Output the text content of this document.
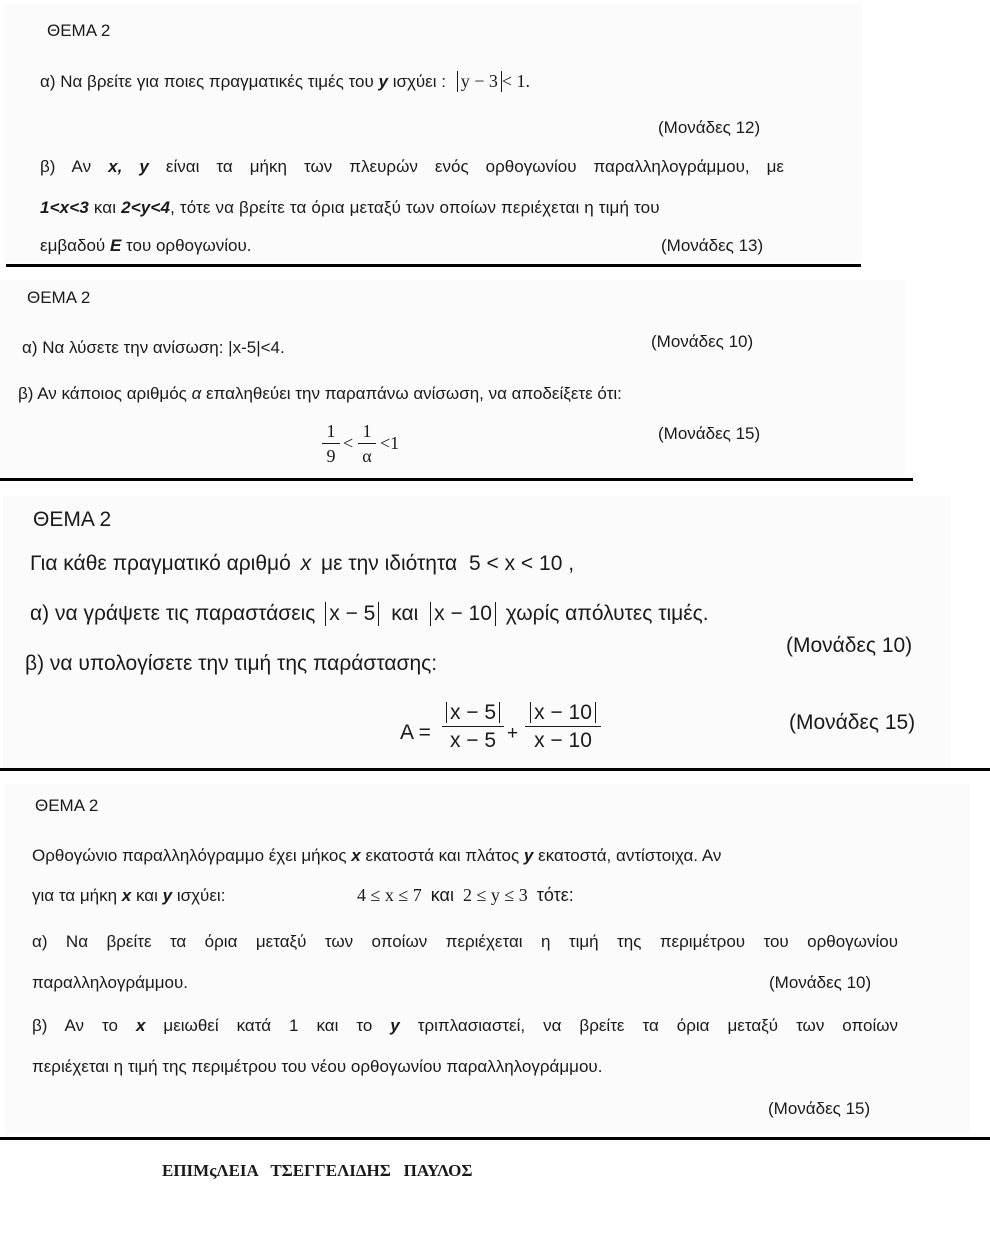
ΘΕΜΑ 2
α) Να βρείτε για ποιες πραγματικές τιμές του y ισχύει : y − 3 < 1.
(Μονάδες 12)
β) Αν x, y είναι τα μήκη των πλευρών ενός ορθογωνίου παραλληλογράμμου, με
1<x<3 και 2<y<4, τότε να βρείτε τα όρια μεταξύ των οποίων περιέχεται η τιμή του
εμβαδού Ε του ορθογωνίου.	(Μονάδες 13)
ΘΕΜΑ 2
α) Να λύσετε την ανίσωση: |x-5|<4.	(Μονάδες 10)
β) Αν κάποιος αριθμός α επαληθεύει την παραπάνω ανίσωση, να αποδείξετε ότι:
1
9
<
1
α
<1	(Μονάδες 15)
ΘΕΜΑ 2
Για κάθε πραγματικό αριθμό x με την ιδιότητα 5 < x < 10 ,
α) να γράψετε τις παραστάσεις x − 5 και x − 10 χωρίς απόλυτες τιμές.
(Μονάδες 10)
β) να υπολογίσετε την τιμή της παράστασης:
A =
x − 5
x − 5 +
x − 10
x − 10
(Μονάδες 15)
ΘΕΜΑ 2
Ορθογώνιο παραλληλόγραμμο έχει μήκος x εκατοστά και πλάτος y εκατοστά, αντίστοιχα. Αν
για τα μήκη x και y ισχύει:	4 ≤ x ≤ 7 και 2 ≤ y ≤ 3 τότε:
α) Να βρείτε τα όρια μεταξύ των οποίων περιέχεται η τιμή της περιμέτρου του ορθογωνίου
παραλληλογράμμου.	(Μονάδες 10)
β) Αν το x μειωθεί κατά 1 και το y τριπλασιαστεί, να βρείτε τα όρια μεταξύ των οποίων
περιέχεται η τιμή της περιμέτρου του νέου ορθογωνίου παραλληλογράμμου.
(Μονάδες 15)
ΕΠΙΜςΛΕΙΑ   ΤΣΕΓΓΕΛΙΔΗΣ   ΠΑΥΛΟΣ
